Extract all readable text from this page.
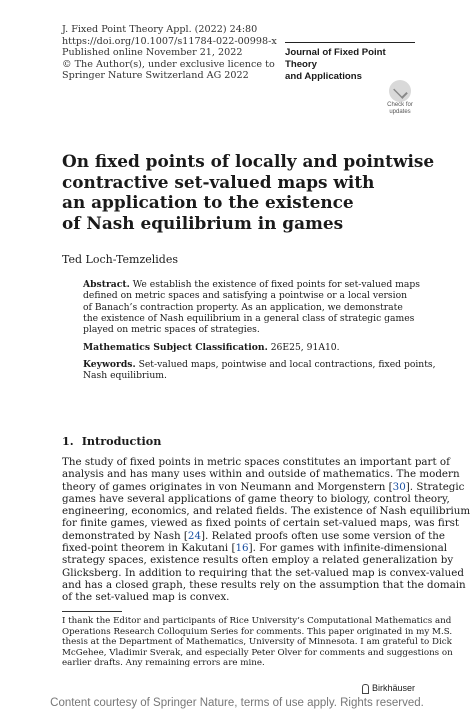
J. Fixed Point Theory Appl. (2022) 24:80
https://doi.org/10.1007/s11784-022-00998-x
Published online November 21, 2022
© The Author(s), under exclusive licence to
Springer Nature Switzerland AG 2022
Journal of Fixed Point Theory
and Applications
Check for
updates
On fixed points of locally and pointwise
contractive set-valued maps with
an application to the existence
of Nash equilibrium in games
Ted Loch-Temzelides
Abstract. We establish the existence of fixed points for set-valued maps
defined on metric spaces and satisfying a pointwise or a local version
of Banach’s contraction property. As an application, we demonstrate
the existence of Nash equilibrium in a general class of strategic games
played on metric spaces of strategies.
Mathematics Subject Classification. 26E25, 91A10.
Keywords. Set-valued maps, pointwise and local contractions, fixed points,
Nash equilibrium.
1. Introduction
The study of fixed points in metric spaces constitutes an important part of
analysis and has many uses within and outside of mathematics. The modern
theory of games originates in von Neumann and Morgenstern [30]. Strategic
games have several applications of game theory to biology, control theory,
engineering, economics, and related fields. The existence of Nash equilibrium
for finite games, viewed as fixed points of certain set-valued maps, was first
demonstrated by Nash [24]. Related proofs often use some version of the
fixed-point theorem in Kakutani [16]. For games with infinite-dimensional
strategy spaces, existence results often employ a related generalization by
Glicksberg. In addition to requiring that the set-valued map is convex-valued
and has a closed graph, these results rely on the assumption that the domain
of the set-valued map is convex.
I thank the Editor and participants of Rice University’s Computational Mathematics and
Operations Research Colloquium Series for comments. This paper originated in my M.S.
thesis at the Department of Mathematics, University of Minnesota. I am grateful to Dick
McGehee, Vladimir Sverak, and especially Peter Olver for comments and suggestions on
earlier drafts. Any remaining errors are mine.
Birkhäuser
Content courtesy of Springer Nature, terms of use apply. Rights reserved.
